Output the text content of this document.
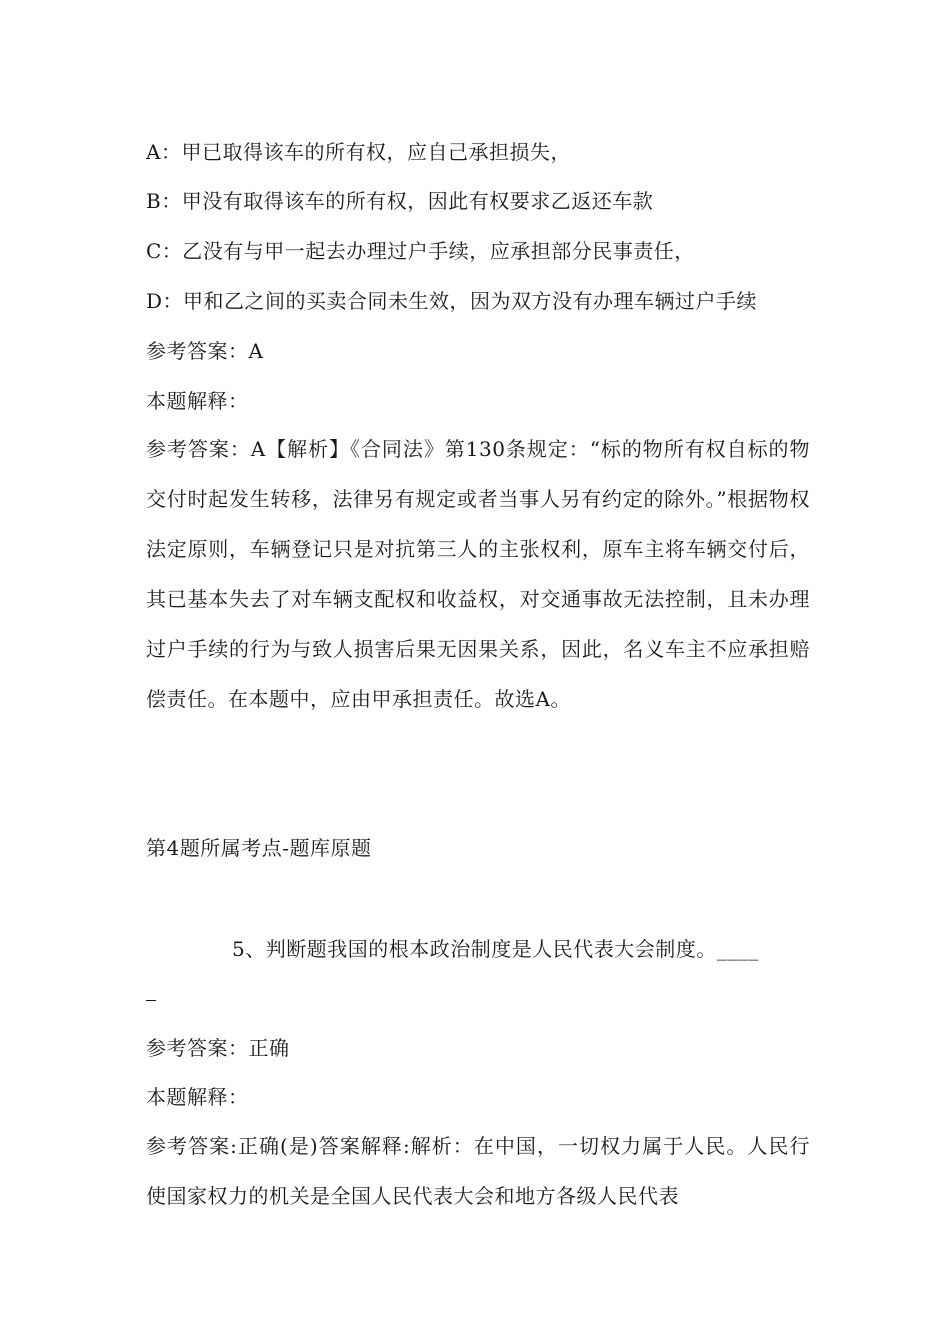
A：甲已取得该车的所有权，应自己承担损失，
B：甲没有取得该车的所有权，因此有权要求乙返还车款
C：乙没有与甲一起去办理过户手续，应承担部分民事责任，
D：甲和乙之间的买卖合同未生效，因为双方没有办理车辆过户手续
参考答案：A
本题解释：
参考答案：A【解析】《合同法》第130条规定：“标的物所有权自标的物交付时起发生转移，法律另有规定或者当事人另有约定的除外。”根据物权法定原则，车辆登记只是对抗第三人的主张权利，原车主将车辆交付后，其已基本失去了对车辆支配权和收益权，对交通事故无法控制，且未办理过户手续的行为与致人损害后果无因果关系，因此，名义车主不应承担赔偿责任。在本题中，应由甲承担责任。故选A。
第4题所属考点-题库原题
5、判断题我国的根本政治制度是人民代表大会制度。____
参考答案：正确
本题解释：
参考答案:正确(是)答案解释:解析：在中国，一切权力属于人民。人民行使国家权力的机关是全国人民代表大会和地方各级人民代表
